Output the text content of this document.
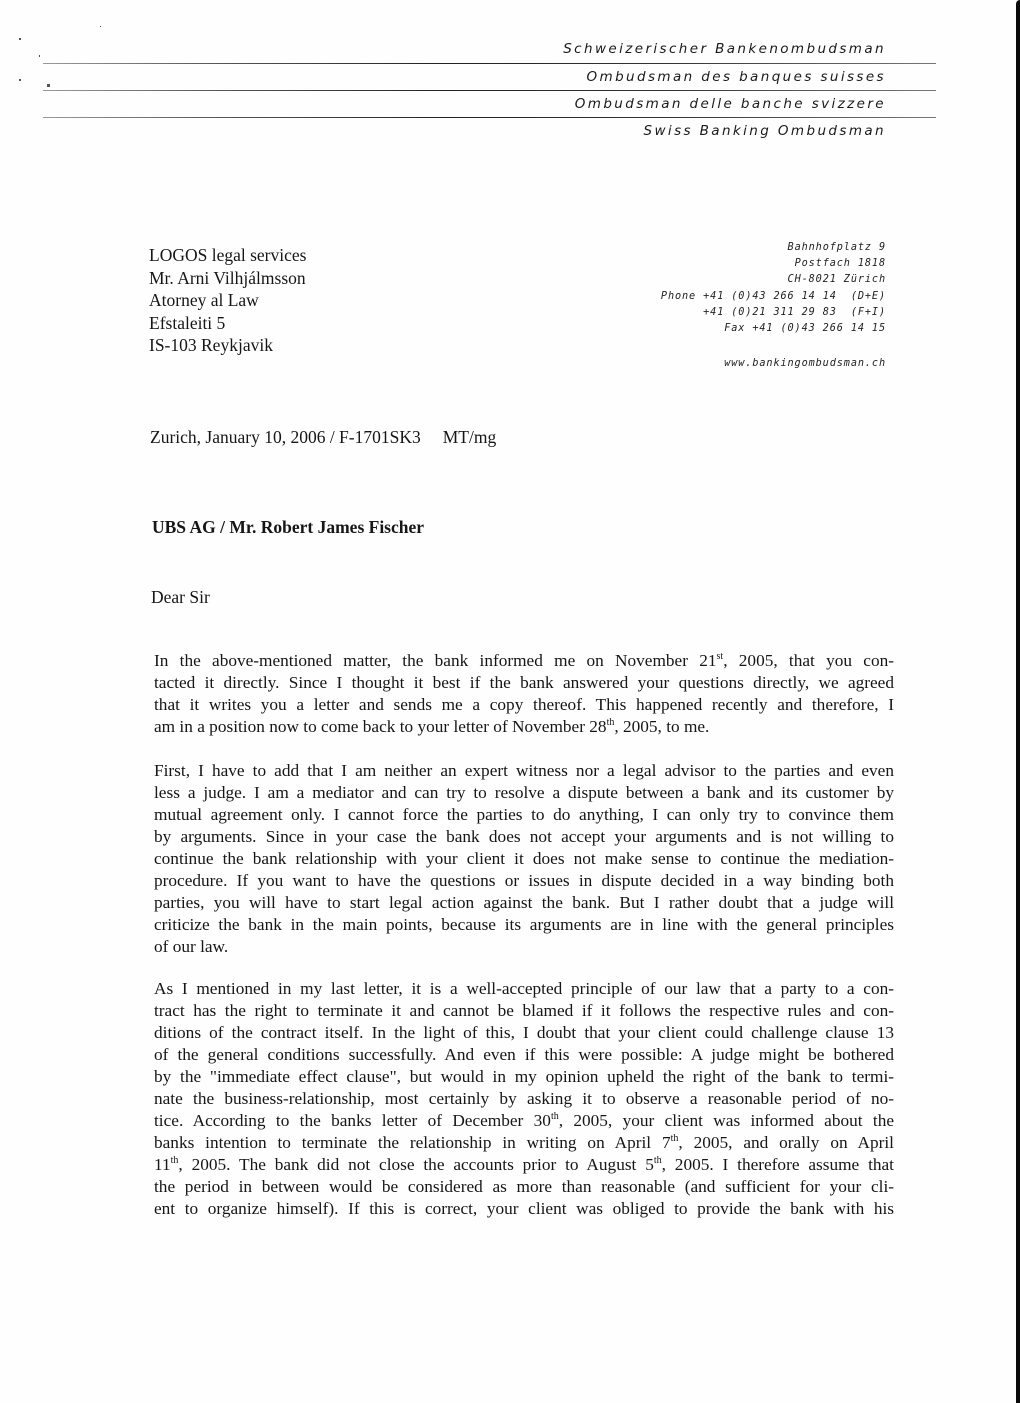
Schweizerischer Bankenombudsman
Ombudsman des banques suisses
Ombudsman delle banche svizzere
Swiss Banking Ombudsman
LOGOS legal services
Mr. Arni Vilhjálmsson
Atorney al Law
Efstaleiti 5
IS-103 Reykjavik
Bahnhofplatz 9
Postfach 1818
CH-8021 Zürich
Phone +41 (0)43 266 14 14  (D+E)
+41 (0)21 311 29 83  (F+I)
Fax +41 (0)43 266 14 15
www.bankingombudsman.ch
Zurich, January 10, 2006 / F-1701SK3 MT/mg
UBS AG / Mr. Robert James Fischer
Dear Sir
In the above-mentioned matter, the bank informed me on November 21st, 2005, that you con-
tacted it directly. Since I thought it best if the bank answered your questions directly, we agreed
that it writes you a letter and sends me a copy thereof. This happened recently and therefore, I
am in a position now to come back to your letter of November 28th, 2005, to me.
First, I have to add that I am neither an expert witness nor a legal advisor to the parties and even
less a judge. I am a mediator and can try to resolve a dispute between a bank and its customer by
mutual agreement only. I cannot force the parties to do anything, I can only try to convince them
by arguments. Since in your case the bank does not accept your arguments and is not willing to
continue the bank relationship with your client it does not make sense to continue the mediation-
procedure. If you want to have the questions or issues in dispute decided in a way binding both
parties, you will have to start legal action against the bank. But I rather doubt that a judge will
criticize the bank in the main points, because its arguments are in line with the general principles
of our law.
As I mentioned in my last letter, it is a well-accepted principle of our law that a party to a con-
tract has the right to terminate it and cannot be blamed if it follows the respective rules and con-
ditions of the contract itself. In the light of this, I doubt that your client could challenge clause 13
of the general conditions successfully. And even if this were possible: A judge might be bothered
by the "immediate effect clause", but would in my opinion upheld the right of the bank to termi-
nate the business-relationship, most certainly by asking it to observe a reasonable period of no-
tice. According to the banks letter of December 30th, 2005, your client was informed about the
banks intention to terminate the relationship in writing on April 7th, 2005, and orally on April
11th, 2005. The bank did not close the accounts prior to August 5th, 2005. I therefore assume that
the period in between would be considered as more than reasonable (and sufficient for your cli-
ent to organize himself). If this is correct, your client was obliged to provide the bank with his
